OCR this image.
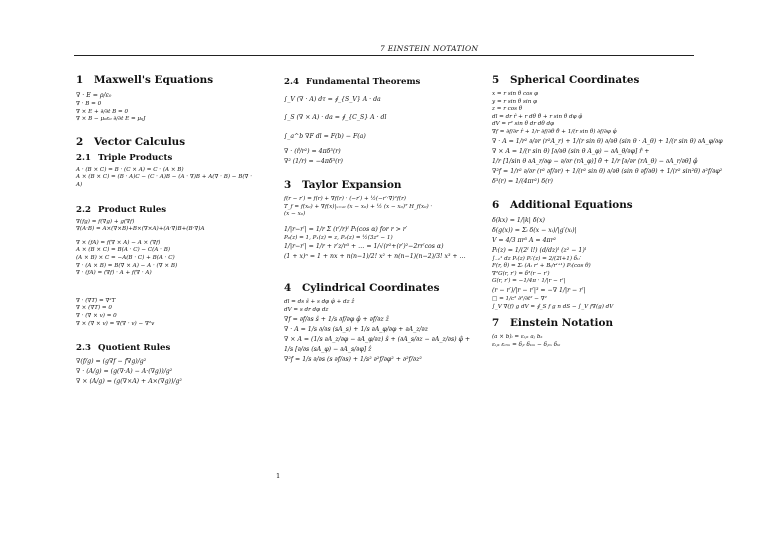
7 EINSTEIN NOTATION
1 Maxwell's Equations
∇ · E = ρ/ε₀
∇ · B = 0
∇ × E + ∂/∂t B = 0
∇ × B − μ₀ε₀ ∂/∂t E = μ₀J
2 Vector Calculus
2.1 Triple Products
A · (B × C) = B · (C × A) = C · (A × B)
A × (B × C) = (B · A)C − (C · A)B − (A · ∇)B + A(∇ · B) − B(∇ ·
A)
2.2 Product Rules
∇(fg) = f(∇g) + g(∇f)
∇(A·B) = A×(∇×B)+B×(∇×A)+(A·∇)B+(B·∇)A
∇ × (fA) = f(∇ × A) − A × (∇f)
A × (B × C) = B(A · C) − C(A · B)
(A × B) × C = −A(B · C) + B(A · C)
∇ · (A × B) = B(∇ × A) − A · (∇ × B)
∇ · (fA) = (∇f) · A + f(∇ · A)
∇ · (∇T) = ∇²T
∇ × (∇T) = 0
∇ · (∇ × v) = 0
∇ × (∇ × v) = ∇(∇ · v) − ∇²v
2.3 Quotient Rules
∇(f/g) = (g∇f − f∇g)/g²
∇ · (A/g) = (g(∇·A) − A·(∇g))/g²
∇ × (A/g) = (g(∇×A) + A×(∇g))/g²
2.4 Fundamental Theorems
∫_V (∇ · A) dτ = ∮_{S_V} A · da
∫_S (∇ × A) · da = ∮_{C_S} A · dl
∫_a^b ∇F dl = F(b) − F(a)
∇ · (r̂/r²) = 4πδ³(r)
∇² (1/r) = −4πδ³(r)
3 Taylor Expansion
f(r − r′) = f(r) + ∇f(r) · (−r′) + ½(−r′·∇)²f(r)
T_f = f(x₀) + ∇f(x)|ₓ₌ₓ₀ (x − x₀) + ½ (x − x₀)ᵀ H_f(x₀) ·
(x − x₀)
1/|r−r′| = 1/r Σ (r′/r)ˡ Pₗ(cos α) for r > r′
P₀(z) = 1, P₁(z) = z, P₂(z) = ½(3z² − 1)
1/|r−r′| = 1/r + r′z/r³ + … = 1/√(r²+(r′)²−2rr′cos α)
(1 + x)ⁿ = 1 + nx + n(n−1)/2! x² + n(n−1)(n−2)/3! x³ + …
4 Cylindrical Coordinates
dl = ds ŝ + s dφ φ̂ + dz ẑ
dV = s dr dφ dz
∇f = ∂f/∂s ŝ + 1/s ∂f/∂φ φ̂ + ∂f/∂z ẑ
∇ · A = 1/s ∂/∂s (sA_s) + 1/s ∂A_φ/∂φ + ∂A_z/∂z
∇ × A = (1/s ∂A_z/∂φ − ∂A_φ/∂z) ŝ + (∂A_s/∂z − ∂A_z/∂s) φ̂ +
1/s [∂/∂s (sA_φ) − ∂A_s/∂φ] ẑ
∇²f = 1/s ∂/∂s (s ∂f/∂s) + 1/s² ∂²f/∂φ² + ∂²f/∂z²
5 Spherical Coordinates
x = r sin θ cos φ
y = r sin θ sin φ
z = r cos θ
dl = dr r̂ + r dθ θ̂ + r sin θ dφ φ̂
dV = r² sin θ dr dθ dφ
∇f = ∂f/∂r r̂ + 1/r ∂f/∂θ θ̂ + 1/(r sin θ) ∂f/∂φ φ̂
∇ · A = 1/r² ∂/∂r (r²A_r) + 1/(r sin θ) ∂/∂θ (sin θ · A_θ) + 1/(r sin θ) ∂A_φ/∂φ
∇ × A = 1/(r sin θ) [∂/∂θ (sin θ A_φ) − ∂A_θ/∂φ] r̂ +
1/r [1/sin θ ∂A_r/∂φ − ∂/∂r (rA_φ)] θ̂ + 1/r [∂/∂r (rA_θ) − ∂A_r/∂θ] φ̂
∇²f = 1/r² ∂/∂r (r² ∂f/∂r) + 1/(r² sin θ) ∂/∂θ (sin θ ∂f/∂θ) + 1/(r² sin²θ) ∂²f/∂φ²
δ³(r) = 1/(4πr²) δ(r)
6 Additional Equations
δ(kx) = 1/|k| δ(x)
δ(g(x)) = Σᵢ δ(x − xᵢ)/|g′(xᵢ)|
V = 4/3 πr³ A = 4πr²
Pₗ(z) = 1/(2ˡ l!) (d/dz)ˡ (z² − 1)ˡ
∫₋₁¹ dz Pₗ(z) Pₗ′(z) = 2/(2l+1) δₗₗ′
F(r, θ) = Σₗ (Aₗ rˡ + Bₗ/rˡ⁺¹) Pₗ(cos θ)
∇²G(r, r′) = δ³(r − r′)
G(r, r′) = −1/4π · 1/|r − r′|
(r − r′)/|r − r′|³ = −∇ 1/|r − r′|
□ = 1/c² ∂²/∂t² − ∇²
∫_V ∇(f) g dV = ∮_S f g n dS − ∫_V f∇(g) dV
7 Einstein Notation
(a × b)ᵢ = εᵢⱼₖ aⱼ bₖ
εᵢⱼₖ εᵢₗₘ = δⱼₗ δₖₘ − δⱼₘ δₖₗ
1
